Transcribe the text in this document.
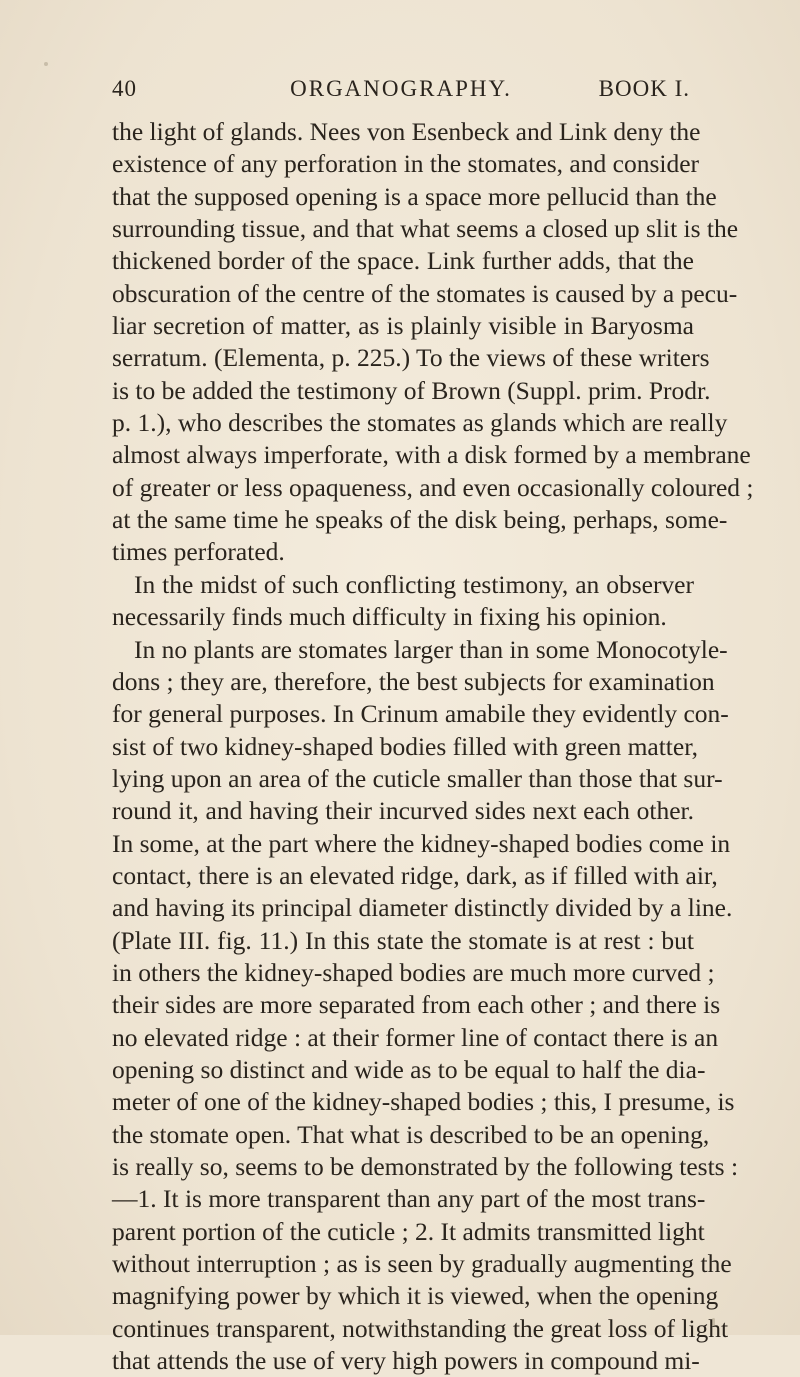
40	ORGANOGRAPHY.	BOOK I.
the light of glands. Nees von Esenbeck and Link deny the
existence of any perforation in the stomates, and consider
that the supposed opening is a space more pellucid than the
surrounding tissue, and that what seems a closed up slit is the
thickened border of the space. Link further adds, that the
obscuration of the centre of the stomates is caused by a pecu-
liar secretion of matter, as is plainly visible in Baryosma
serratum. (Elementa, p. 225.) To the views of these writers
is to be added the testimony of Brown (Suppl. prim. Prodr.
p. 1.), who describes the stomates as glands which are really
almost always imperforate, with a disk formed by a membrane
of greater or less opaqueness, and even occasionally coloured ;
at the same time he speaks of the disk being, perhaps, some-
times perforated.
In the midst of such conflicting testimony, an observer
necessarily finds much difficulty in fixing his opinion.
In no plants are stomates larger than in some Monocotyle-
dons ; they are, therefore, the best subjects for examination
for general purposes. In Crinum amabile they evidently con-
sist of two kidney-shaped bodies filled with green matter,
lying upon an area of the cuticle smaller than those that sur-
round it, and having their incurved sides next each other.
In some, at the part where the kidney-shaped bodies come in
contact, there is an elevated ridge, dark, as if filled with air,
and having its principal diameter distinctly divided by a line.
(Plate III. fig. 11.) In this state the stomate is at rest : but
in others the kidney-shaped bodies are much more curved ;
their sides are more separated from each other ; and there is
no elevated ridge : at their former line of contact there is an
opening so distinct and wide as to be equal to half the dia-
meter of one of the kidney-shaped bodies ; this, I presume, is
the stomate open. That what is described to be an opening,
is really so, seems to be demonstrated by the following tests :
—1. It is more transparent than any part of the most trans-
parent portion of the cuticle ; 2. It admits transmitted light
without interruption ; as is seen by gradually augmenting the
magnifying power by which it is viewed, when the opening
continues transparent, notwithstanding the great loss of light
that attends the use of very high powers in compound mi-
